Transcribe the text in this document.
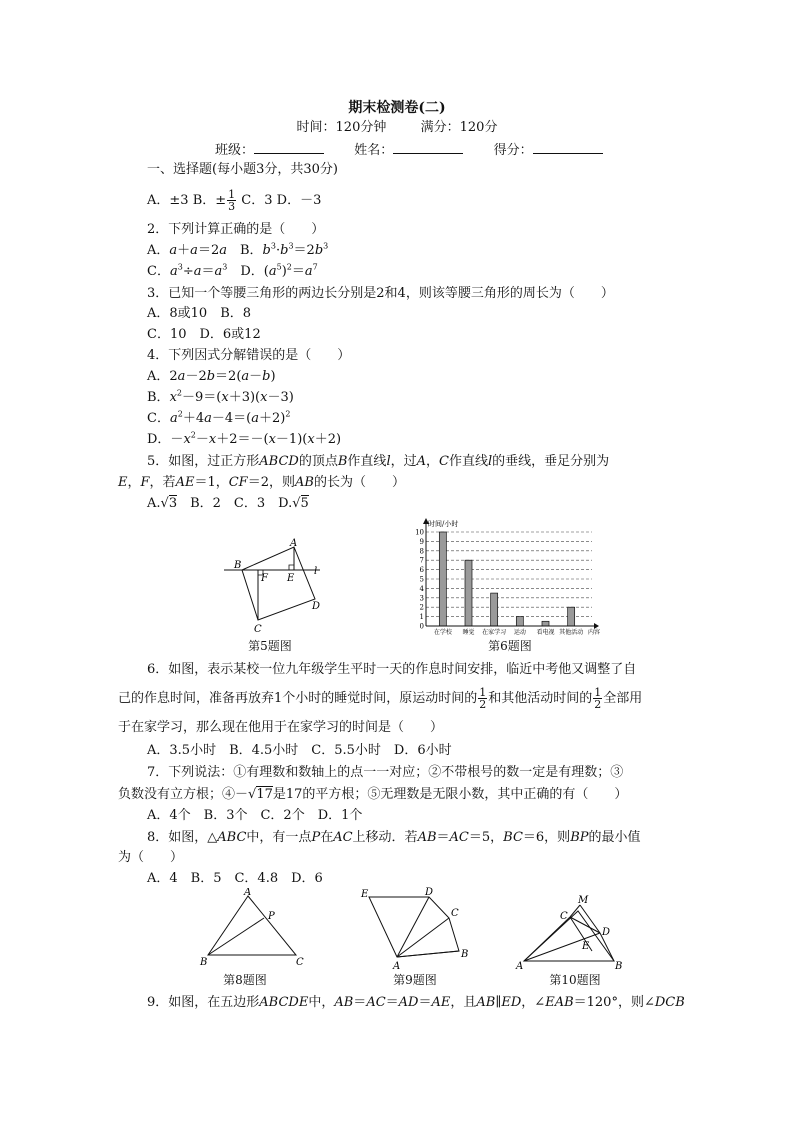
期末检测卷(二)
时间：120分钟	满分：120分
班级：	姓名：	得分：
一、选择题(每小题3分，共30分)
A．±3 B．± $\frac{1}{3}$ C．3 D．－3
2．下列计算正确的是（　　）
A．a＋a＝2a　B．$b^3\cdot b^3=2b^3$
C．$a^3\div a=a^3$　D．$(a^5)^2=a^7$
3．已知一个等腰三角形的两边长分别是2和4，则该等腰三角形的周长为（　　）
A．8或10　B．8
C．10　D．6或12
4．下列因式分解错误的是（　　）
A．2a－2b＝2(a－b)
B．$x^2-9=(x+3)(x-3)$
C．$a^2+4a-4=(a+2)^2$
D．$-x^2-x+2=-(x-1)(x+2)$
5．如图，过正方形ABCD的顶点B作直线l，过A，C作直线l的垂线，垂足分别为
E，F，若AE＝1，CF＝2，则AB的长为（　　）
A.√3　B．2　C．3　D.√5
B
A
F E
l
D
C
第5题图
0
1
2
3
4
5
6
7
8
9
10
在学校 睡觉 在家学习 运动 看电视 其他活动 内容
时间/小时
第6题图
6．如图，表示某校一位九年级学生平时一天的作息时间安排，临近中考他又调整了自
己的作息时间，准备再放弃1个小时的睡觉时间，原运动时间的 $\frac{1}{2}$ 和其他活动时间的 $\frac{1}{2}$ 全部用
于在家学习，那么现在他用于在家学习的时间是（　　）
A．3.5小时　B．4.5小时　C．5.5小时　D．6小时
7．下列说法：①有理数和数轴上的点一一对应；②不带根号的数一定是有理数；③
负数没有立方根；④－√17是17的平方根；⑤无理数是无限小数，其中正确的有（　　）
A．4个　B．3个　C．2个　D．1个
8．如图，△ABC中，有一点P在AC上移动．若AB＝AC＝5，BC＝6，则BP的最小值
为（　　）
A．4　B．5　C．4.8　D．6
A
P
B	C
第8题图
E	D
C
B
A
第9题图
A	B
C
D
M
E
第10题图
9．如图，在五边形ABCDE中，AB＝AC＝AD＝AE，且AB∥ED，∠EAB＝120°，则∠DCB
